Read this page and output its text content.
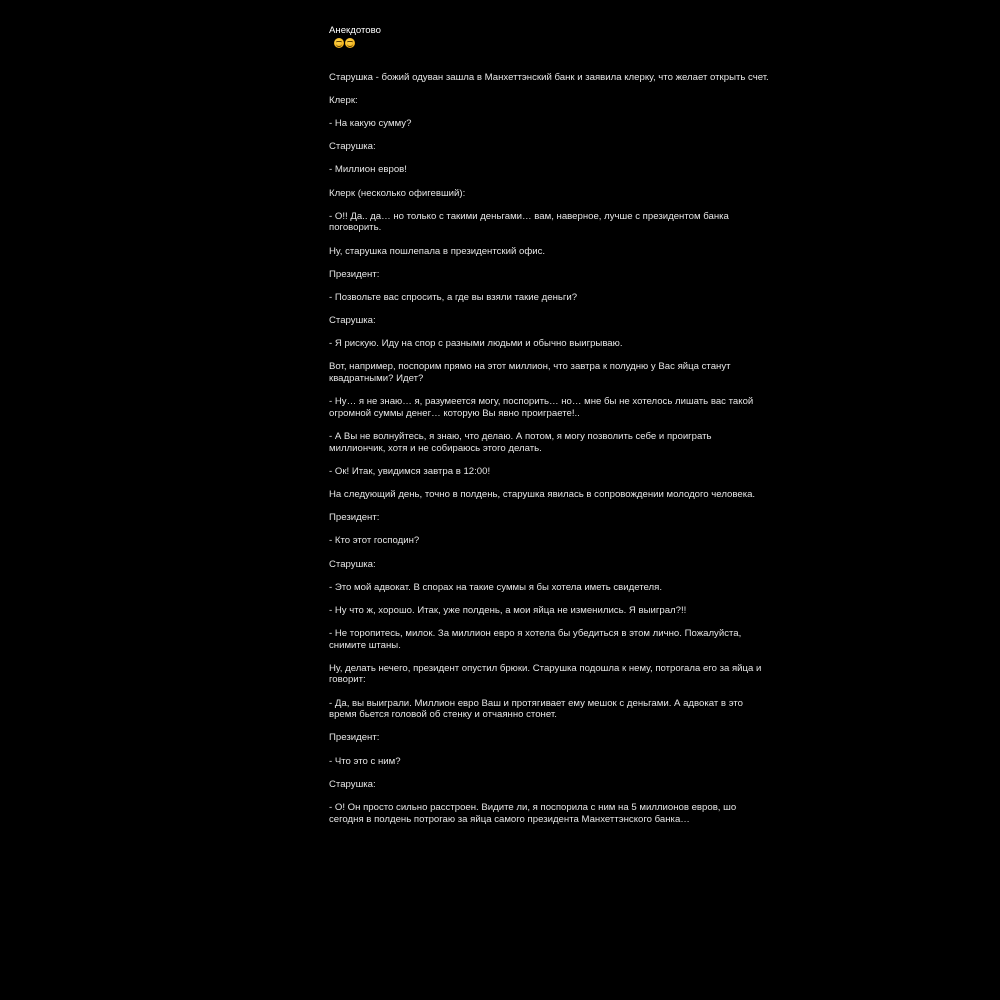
Анекдотово

Старушка - божий одуван зашла в Манхеттэнский банк и заявила клерку, что желает открыть счет.

Клерк:

- На какую сумму?

Старушка:

- Миллион евров!

Клерк (несколько офигевший):

- О!! Да.. да… но только с такими деньгами… вам, наверное, лучше с президентом банка поговорить.

Ну, старушка пошлепала в президентский офис.

Президент:

- Позвольте вас спросить, а где вы взяли такие деньги?

Старушка:

- Я рискую. Иду на спор с разными людьми и обычно выигрываю.

Вот, например, поспорим прямо на этот миллион, что завтра к полудню у Вас яйца станут квадратными? Идет?

- Ну… я не знаю… я, разумеется могу, поспорить… но… мне бы не хотелось лишать вас такой огромной суммы денег… которую Вы явно проиграете!..

- А Вы не волнуйтесь, я знаю, что делаю. А потом, я могу позволить себе и проиграть миллиончик, хотя и не собираюсь этого делать.

- Ок! Итак, увидимся завтра в 12:00!

На следующий день, точно в полдень, старушка явилась в сопровождении молодого человека.

Президент:

- Кто этот господин?

Старушка:

- Это мой адвокат. В спорах на такие суммы я бы хотела иметь свидетеля.

- Ну что ж, хорошо. Итак, уже полдень, а мои яйца не изменились. Я выиграл?!!

- Не торопитесь, милок. За миллион евро я хотела бы убедиться в этом лично. Пожалуйста, снимите штаны.

Ну, делать нечего, президент опустил брюки. Старушка подошла к нему, потрогала его за яйца и говорит:

- Да, вы выиграли. Миллион евро Ваш и протягивает ему мешок с деньгами. А адвокат в это время бьется головой об стенку и отчаянно стонет.

Президент:

- Что это с ним?

Старушка:

- О! Он просто сильно расстроен. Видите ли, я поспорила с ним на 5 миллионов евров, шо сегодня в полдень потрогаю за яйца самого президента Манхеттэнского банка…
